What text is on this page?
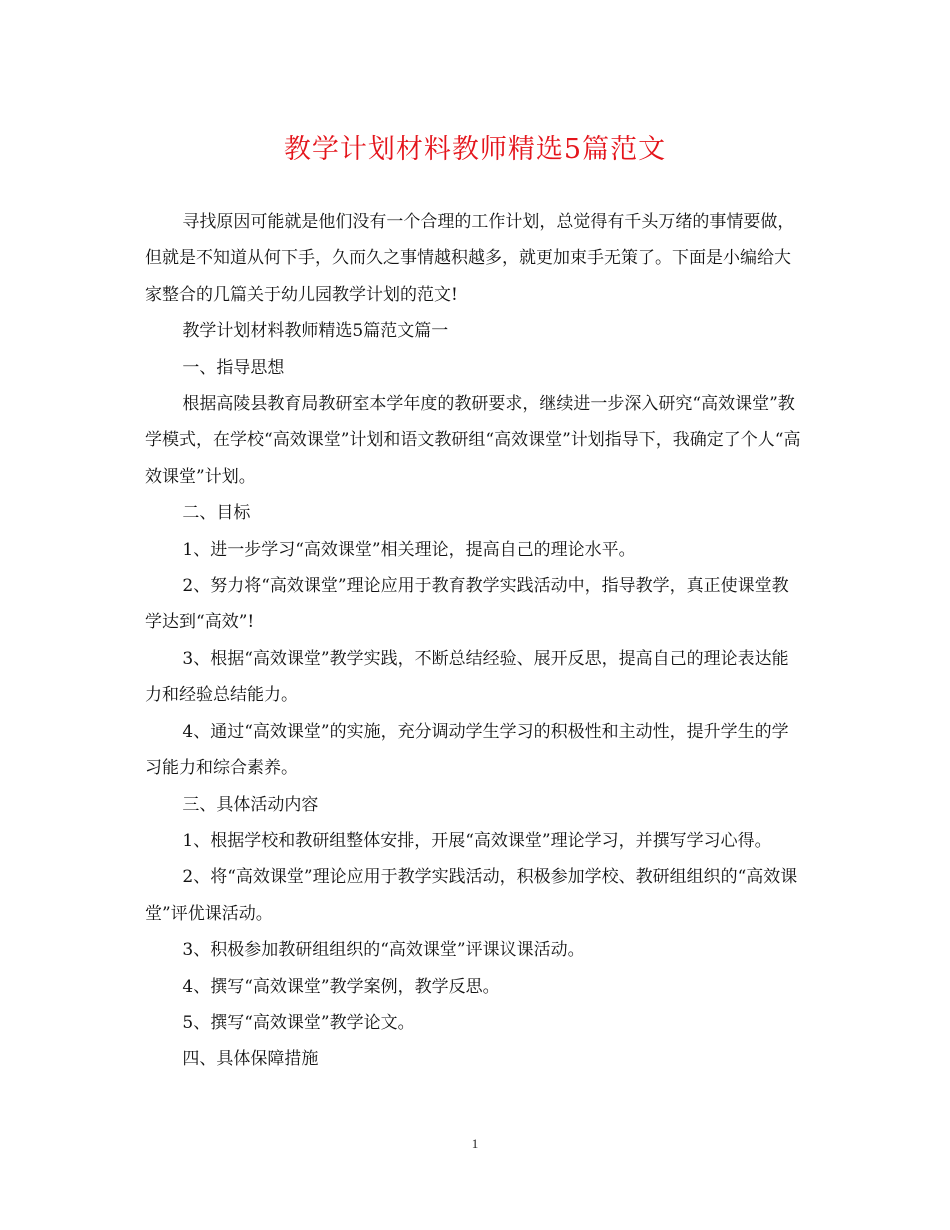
教学计划材料教师精选5篇范文

寻找原因可能就是他们没有一个合理的工作计划，总觉得有千头万绪的事情要做，但就是不知道从何下手，久而久之事情越积越多，就更加束手无策了。下面是小编给大家整合的几篇关于幼儿园教学计划的范文!

教学计划材料教师精选5篇范文篇一

一、指导思想

根据高陵县教育局教研室本学年度的教研要求，继续进一步深入研究“高效课堂”教学模式，在学校“高效课堂”计划和语文教研组“高效课堂”计划指导下，我确定了个人“高效课堂”计划。

二、目标

1、进一步学习“高效课堂”相关理论，提高自己的理论水平。

2、努力将“高效课堂”理论应用于教育教学实践活动中，指导教学，真正使课堂教学达到“高效”!

3、根据“高效课堂”教学实践，不断总结经验、展开反思，提高自己的理论表达能力和经验总结能力。

4、通过“高效课堂”的实施，充分调动学生学习的积极性和主动性，提升学生的学习能力和综合素养。

三、具体活动内容

1、根据学校和教研组整体安排，开展“高效课堂”理论学习，并撰写学习心得。

2、将“高效课堂”理论应用于教学实践活动，积极参加学校、教研组组织的“高效课堂”评优课活动。

3、积极参加教研组组织的“高效课堂”评课议课活动。

4、撰写“高效课堂”教学案例，教学反思。

5、撰写“高效课堂”教学论文。

四、具体保障措施

1
